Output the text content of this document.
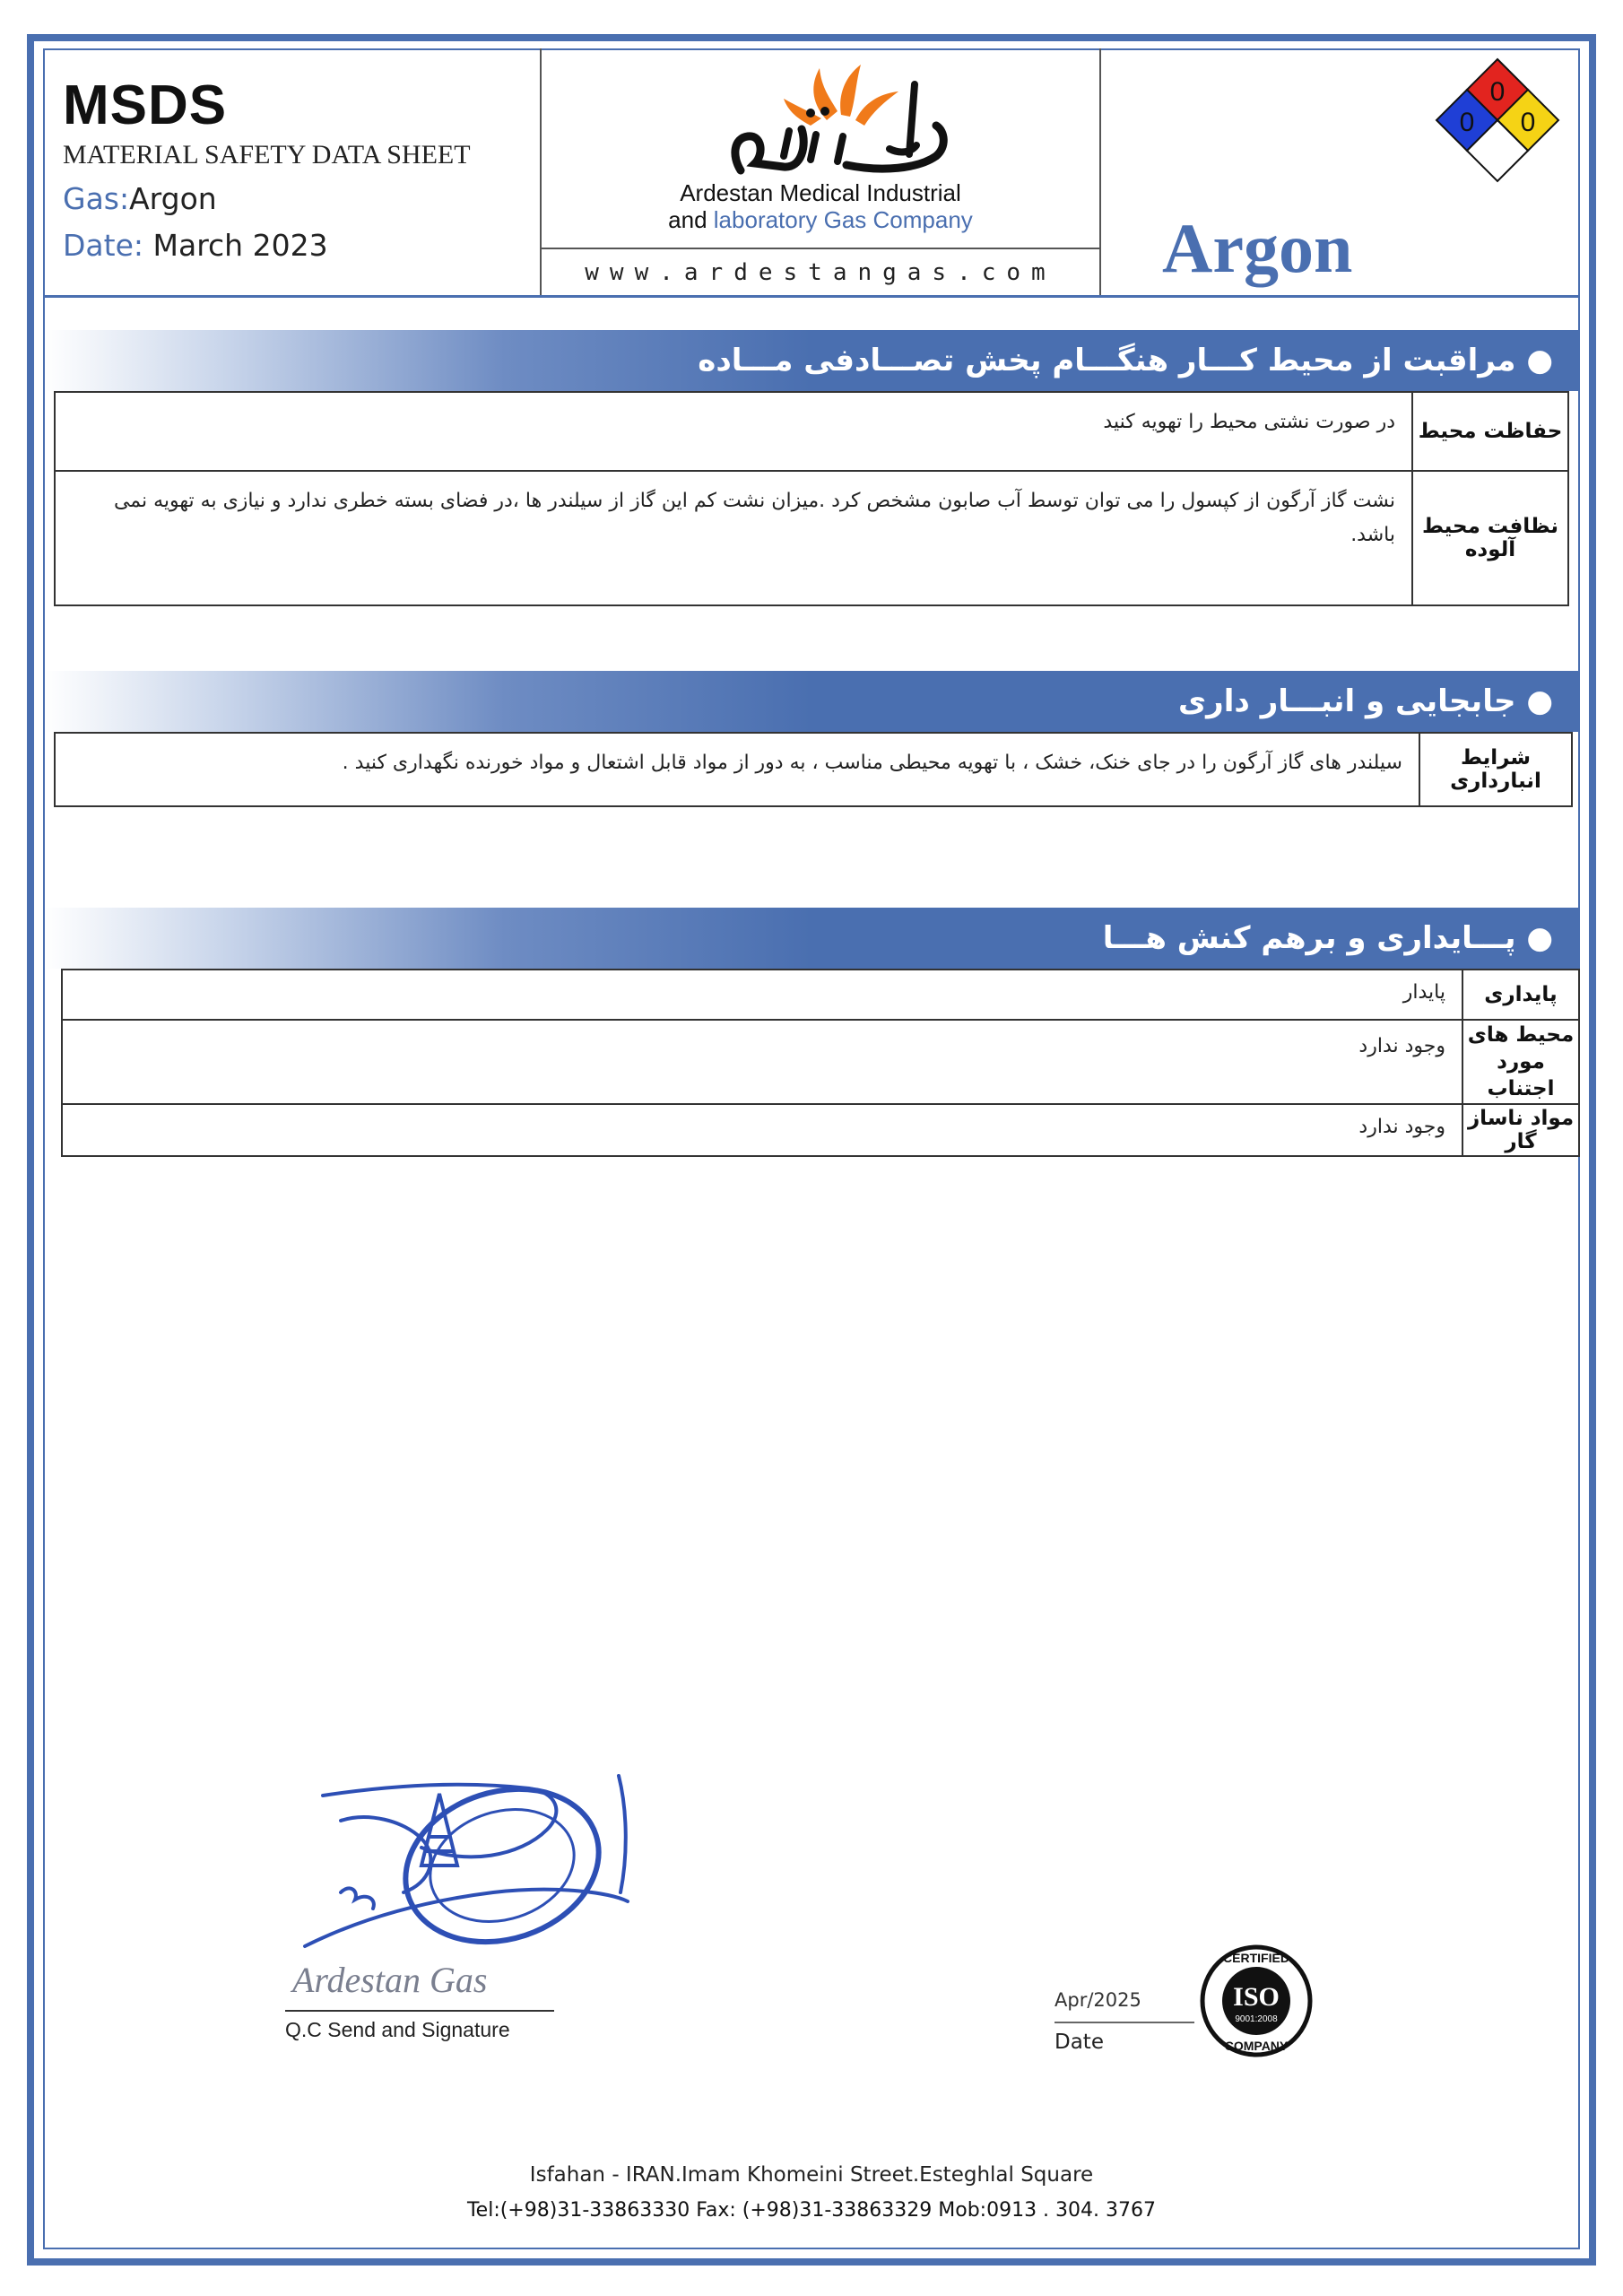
MSDS
MATERIAL SAFETY DATA SHEET
Gas:Argon
Date: March 2023
Ardestan Medical Industrial
and laboratory Gas Company
www.ardestangas.com	Argon
0
0 0
● مراقبت از محیط کـــار هنگـــام پخش تصـــادفی مـــاده
حفاظت محیط	در صورت نشتی محیط را تهویه کنید
نظافت محیط آلوده	نشت گاز آرگون از کپسول را می توان توسط آب صابون مشخص کرد .میزان نشت کم این گاز از سیلندر ها ،در فضای بسته خطری ندارد و نیازی به تهویه نمی باشد.
● جابجایی و انبـــار داری
شرایط انبارداری	سیلندر های گاز آرگون را در جای خنک، خشک ، با تهویه محیطی مناسب ، به دور از مواد قابل اشتعال و مواد خورنده نگهداری کنید .
● پـــایداری و برهم کنش هـــا
پایداری	پایدار
محیط های مورد اجتناب	وجود ندارد
مواد ناساز گار	وجود ندارد
Ardestan Gas
Q.C Send and Signature
Apr/2025
Date
CERTIFIED
ISO
9001:2008
COMPANY
Isfahan - IRAN.Imam Khomeini Street.Esteghlal Square
Tel:(+98)31-33863330 Fax: (+98)31-33863329 Mob:0913 . 304. 3767
